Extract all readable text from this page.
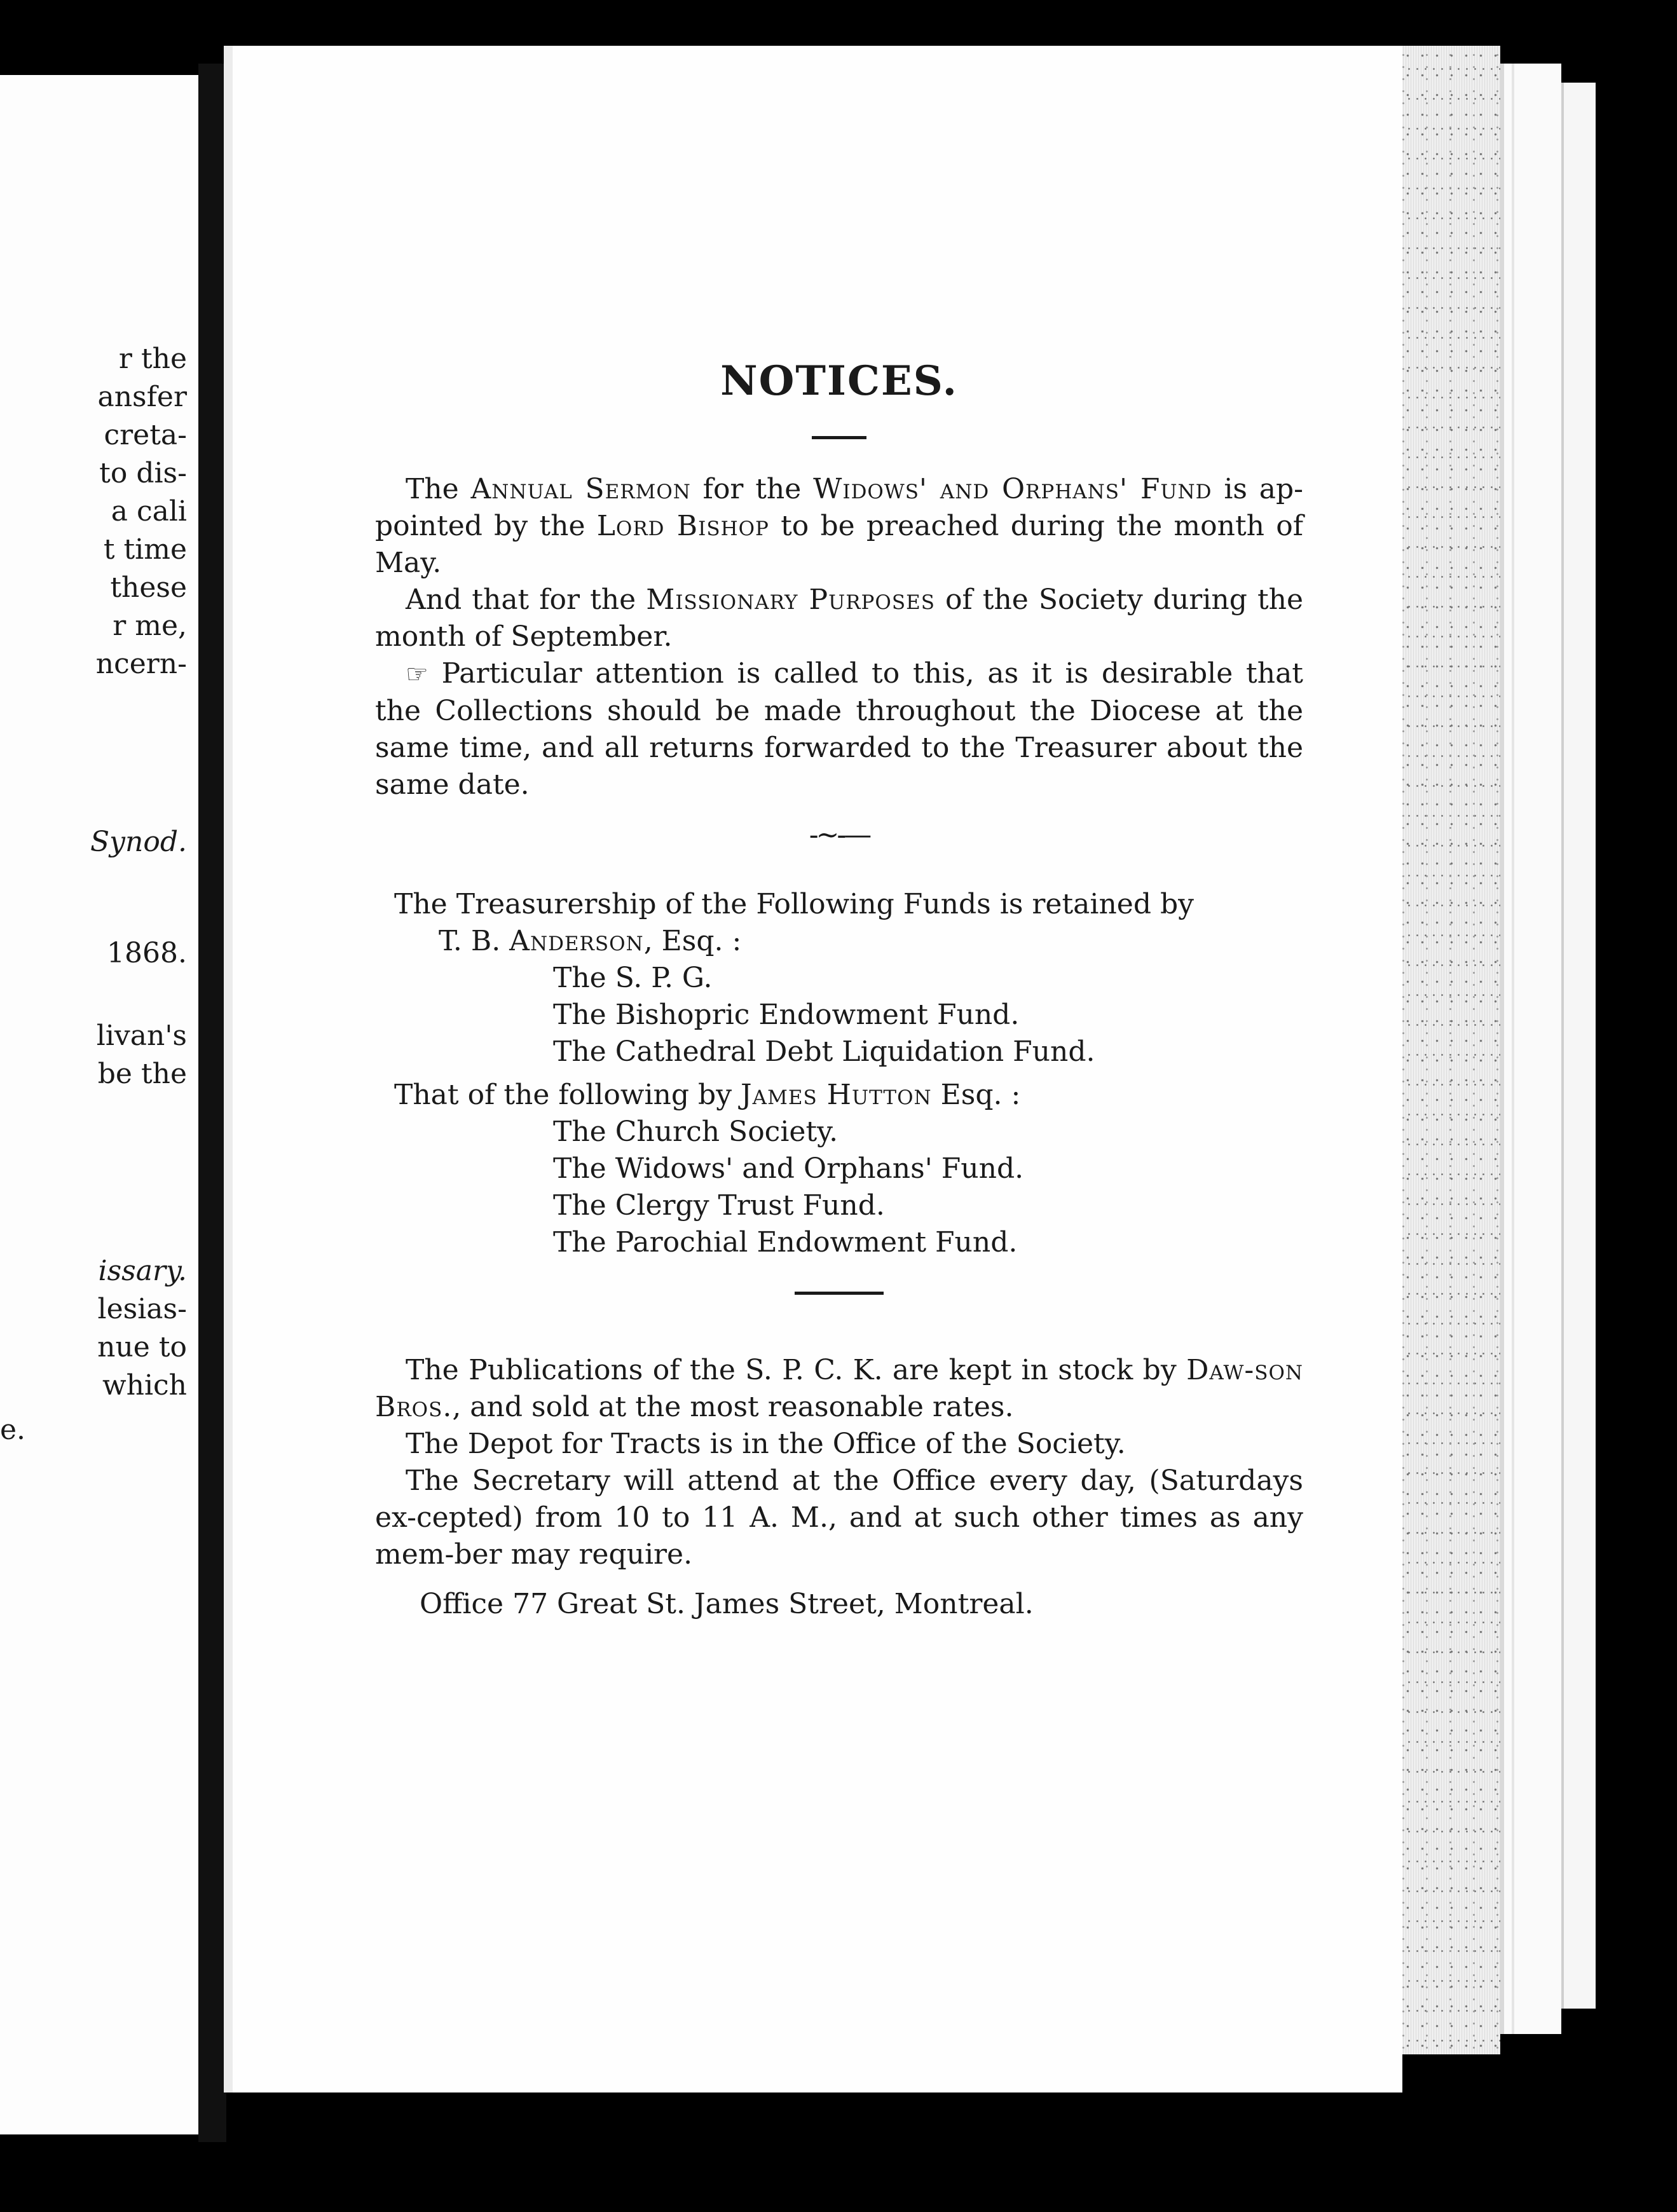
r the
ansfer
creta-
to dis-
a cali
t time
these
r me,
ncern-
Synod.
1868.
livan's
be the
issary.
lesias-
nue to
which
e.
NOTICES.

The Annual Sermon for the Widows' and Orphans' Fund is ap-pointed by the Lord Bishop to be preached during the month of May.

And that for the Missionary Purposes of the Society during the month of September.

☞ Particular attention is called to this, as it is desirable that the Collections should be made throughout the Diocese at the same time, and all returns forwarded to the Treasurer about the same date.

-~-—

The Treasurership of the Following Funds is retained by

T. B. Anderson, Esq. :

The S. P. G.

The Bishopric Endowment Fund.

The Cathedral Debt Liquidation Fund.

That of the following by James Hutton Esq. :

The Church Society.

The Widows' and Orphans' Fund.

The Clergy Trust Fund.

The Parochial Endowment Fund.

The Publications of the S. P. C. K. are kept in stock by Daw-son Bros., and sold at the most reasonable rates.

The Depot for Tracts is in the Office of the Society.

The Secretary will attend at the Office every day, (Saturdays ex-cepted) from 10 to 11 A. M., and at such other times as any mem-ber may require.

Office 77 Great St. James Street, Montreal.
